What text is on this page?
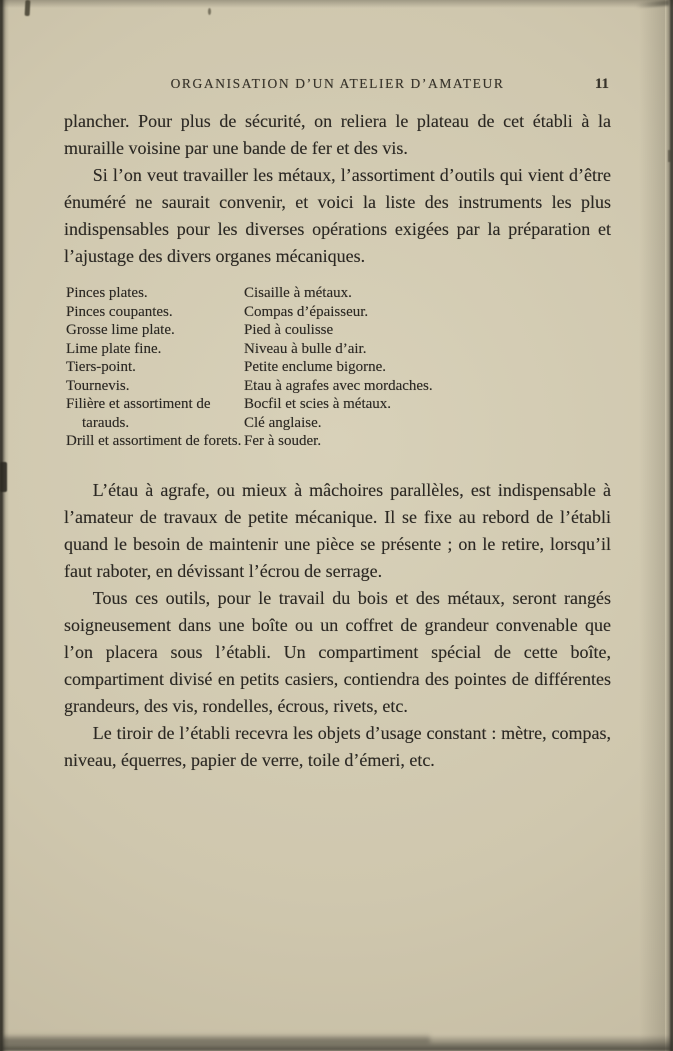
ORGANISATION D’UN ATELIER D’AMATEUR	11

plancher. Pour plus de sécurité, on reliera le plateau de cet établi à la muraille voisine par une bande de fer et des vis.

Si l’on veut travailler les métaux, l’assortiment d’outils qui vient d’être énuméré ne saurait convenir, et voici la liste des instruments les plus indispensables pour les diverses opérations exigées par la préparation et l’ajustage des divers organes mécaniques.

Pinces plates.
Pinces coupantes.
Grosse lime plate.
Lime plate fine.
Tiers-point.
Tournevis.
Filière et assortiment de tarauds.
Drill et assortiment de forets.
Cisaille à métaux.
Compas d’épaisseur.
Pied à coulisse
Niveau à bulle d’air.
Petite enclume bigorne.
Etau à agrafes avec mordaches.
Bocfil et scies à métaux.
Clé anglaise.
Fer à souder.

L’étau à agrafe, ou mieux à mâchoires parallèles, est indispensable à l’amateur de travaux de petite mécanique. Il se fixe au rebord de l’établi quand le besoin de maintenir une pièce se présente ; on le retire, lorsqu’il faut raboter, en dévissant l’écrou de serrage.

Tous ces outils, pour le travail du bois et des métaux, seront rangés soigneusement dans une boîte ou un coffret de grandeur convenable que l’on placera sous l’établi. Un compartiment spécial de cette boîte, compartiment divisé en petits casiers, contiendra des pointes de différentes grandeurs, des vis, rondelles, écrous, rivets, etc.

Le tiroir de l’établi recevra les objets d’usage constant : mètre, compas, niveau, équerres, papier de verre, toile d’émeri, etc.
